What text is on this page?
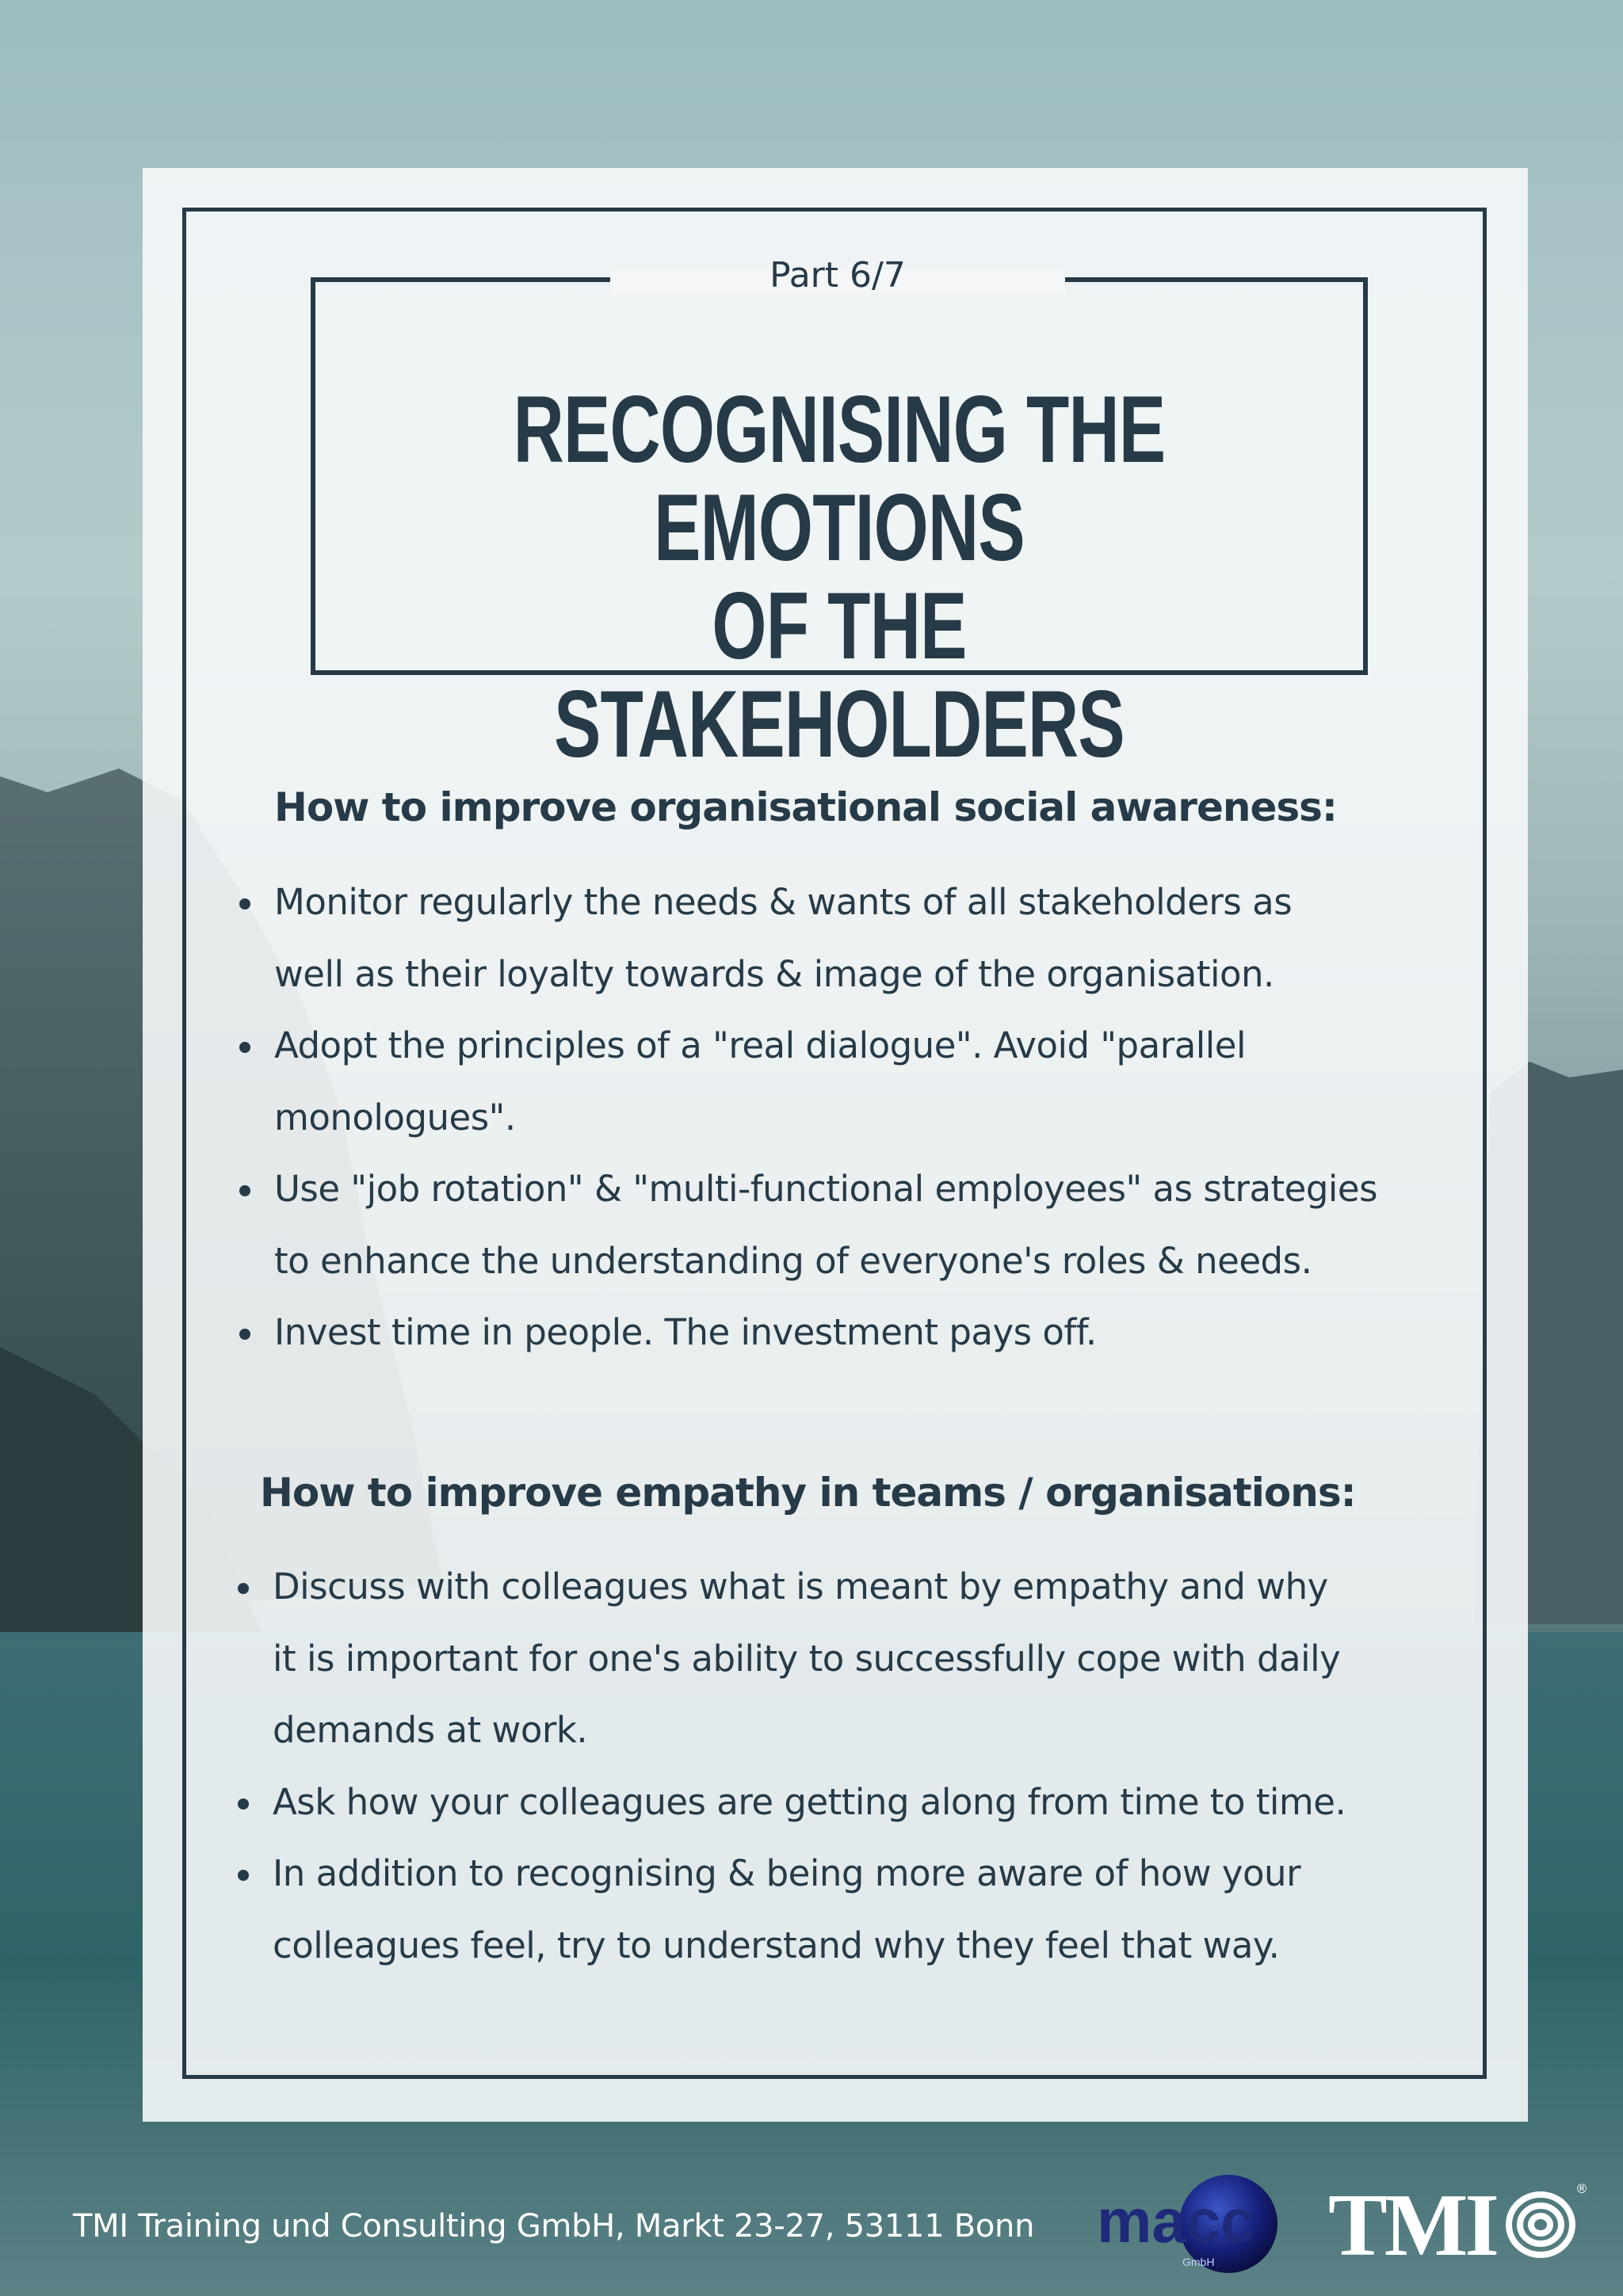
Part 6/7
RECOGNISING THE EMOTIONS
OF THE STAKEHOLDERS
How to improve organisational social awareness:
Monitor regularly the needs & wants of all stakeholders as
well as their loyalty towards & image of the organisation.
Adopt the principles of a "real dialogue". Avoid "parallel
monologues".
Use "job rotation" & "multi-functional employees" as strategies
to enhance the understanding of everyone's roles & needs.
Invest time in people. The investment pays off.
How to improve empathy in teams / organisations:
Discuss with colleagues what is meant by empathy and why
it is important for one's ability to successfully cope with daily
demands at work.
Ask how your colleagues are getting along from time to time.
In addition to recognising & being more aware of how your
colleagues feel, try to understand why they feel that way.
TMI Training und Consulting GmbH, Markt 23-27, 53111 Bonn macc
GmbH TMI	®
